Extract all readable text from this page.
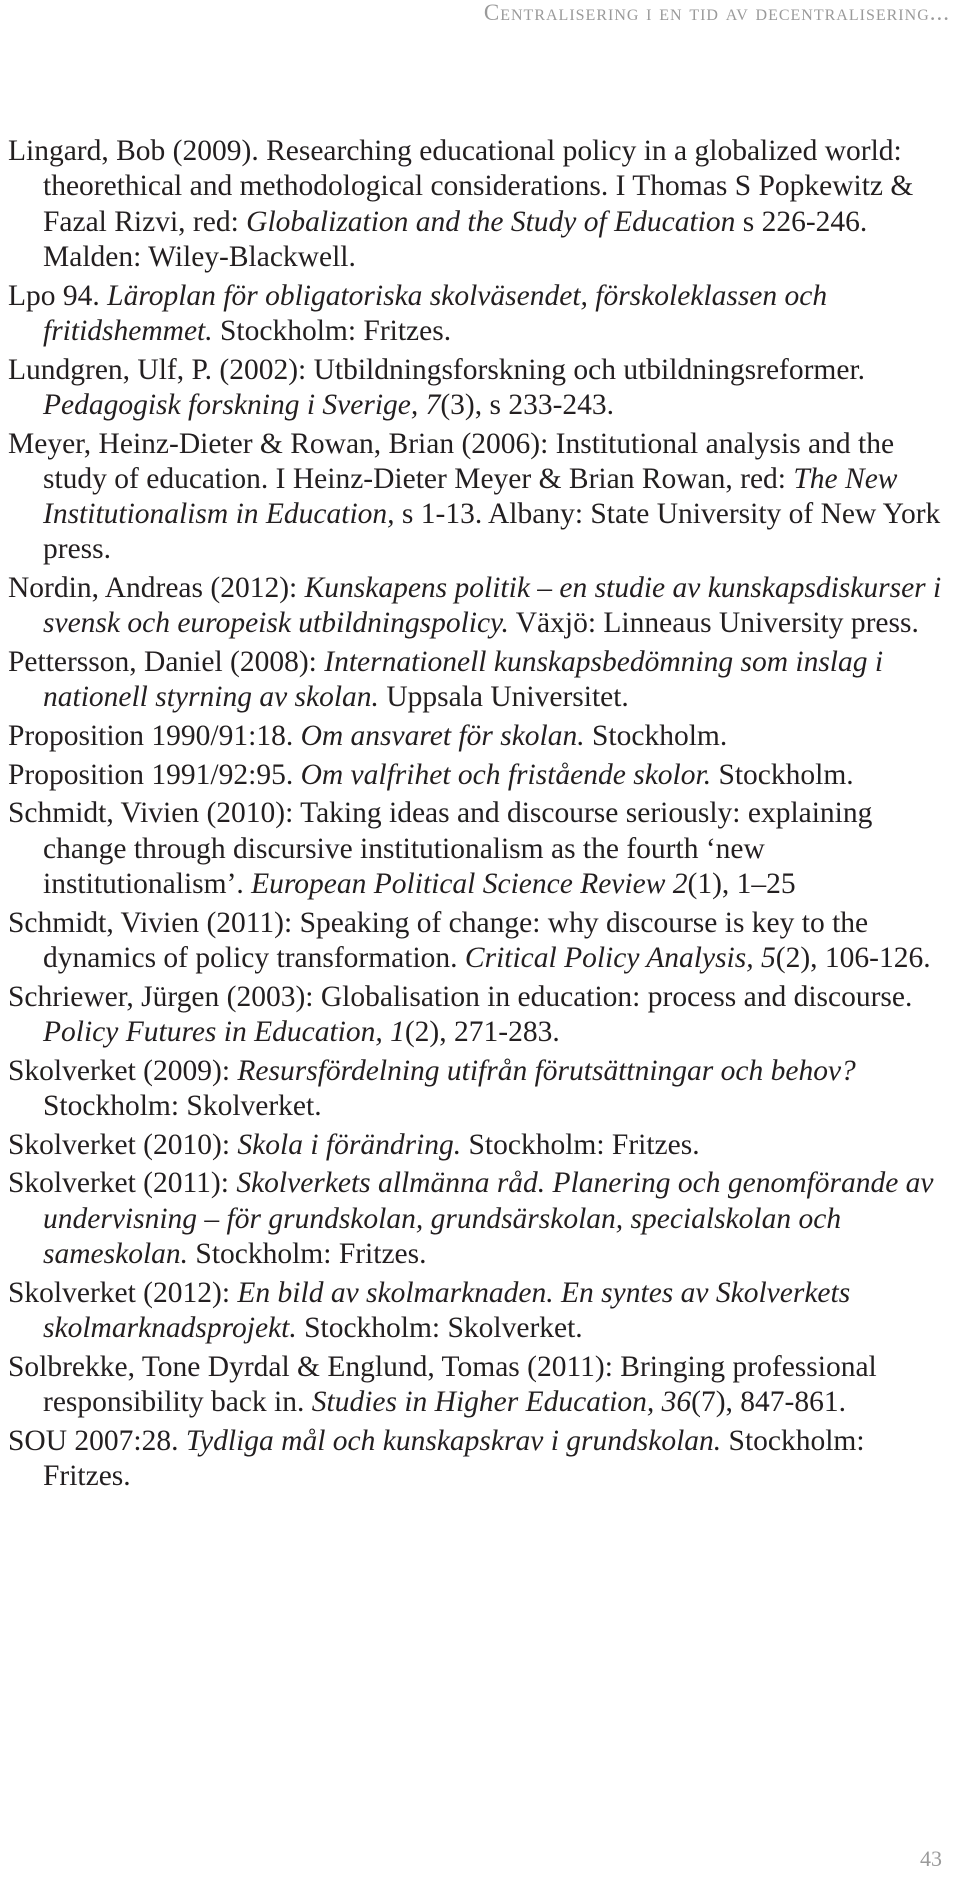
Centralisering i en tid av decentralisering...

Lingard, Bob (2009). Researching educational policy in a globalized world: theorethical and methodological considerations. I Thomas S Popkewitz & Fazal Rizvi, red: Globalization and the Study of Education s 226-246. Malden: Wiley-Blackwell.

Lpo 94. Läroplan för obligatoriska skolväsendet, förskoleklassen och fritidshemmet. Stockholm: Fritzes.

Lundgren, Ulf, P. (2002): Utbildningsforskning och utbildningsreformer. Pedagogisk forskning i Sverige, 7(3), s 233-243.

Meyer, Heinz-Dieter & Rowan, Brian (2006): Institutional analysis and the study of education. I Heinz-Dieter Meyer & Brian Rowan, red: The New Institutionalism in Education, s 1-13. Albany: State University of New York press.

Nordin, Andreas (2012): Kunskapens politik – en studie av kunskapsdiskurser i svensk och europeisk utbildningspolicy. Växjö: Linneaus University press.

Pettersson, Daniel (2008): Internationell kunskapsbedömning som inslag i nationell styrning av skolan. Uppsala Universitet.

Proposition 1990/91:18. Om ansvaret för skolan. Stockholm.

Proposition 1991/92:95. Om valfrihet och fristående skolor. Stockholm.

Schmidt, Vivien (2010): Taking ideas and discourse seriously: explaining change through discursive institutionalism as the fourth ‘new institutionalism’. European Political Science Review 2(1), 1–25

Schmidt, Vivien (2011): Speaking of change: why discourse is key to the dynamics of policy transformation. Critical Policy Analysis, 5(2), 106-126.

Schriewer, Jürgen (2003): Globalisation in education: process and discourse. Policy Futures in Education, 1(2), 271-283.

Skolverket (2009): Resursfördelning utifrån förutsättningar och behov? Stockholm: Skolverket.

Skolverket (2010): Skola i förändring. Stockholm: Fritzes.

Skolverket (2011): Skolverkets allmänna råd. Planering och genomförande av undervisning – för grundskolan, grundsärskolan, specialskolan och sameskolan. Stockholm: Fritzes.

Skolverket (2012): En bild av skolmarknaden. En syntes av Skolverkets skolmarknadsprojekt. Stockholm: Skolverket.

Solbrekke, Tone Dyrdal & Englund, Tomas (2011): Bringing professional responsibility back in. Studies in Higher Education, 36(7), 847-861.

SOU 2007:28. Tydliga mål och kunskapskrav i grundskolan. Stockholm: Fritzes.

43
